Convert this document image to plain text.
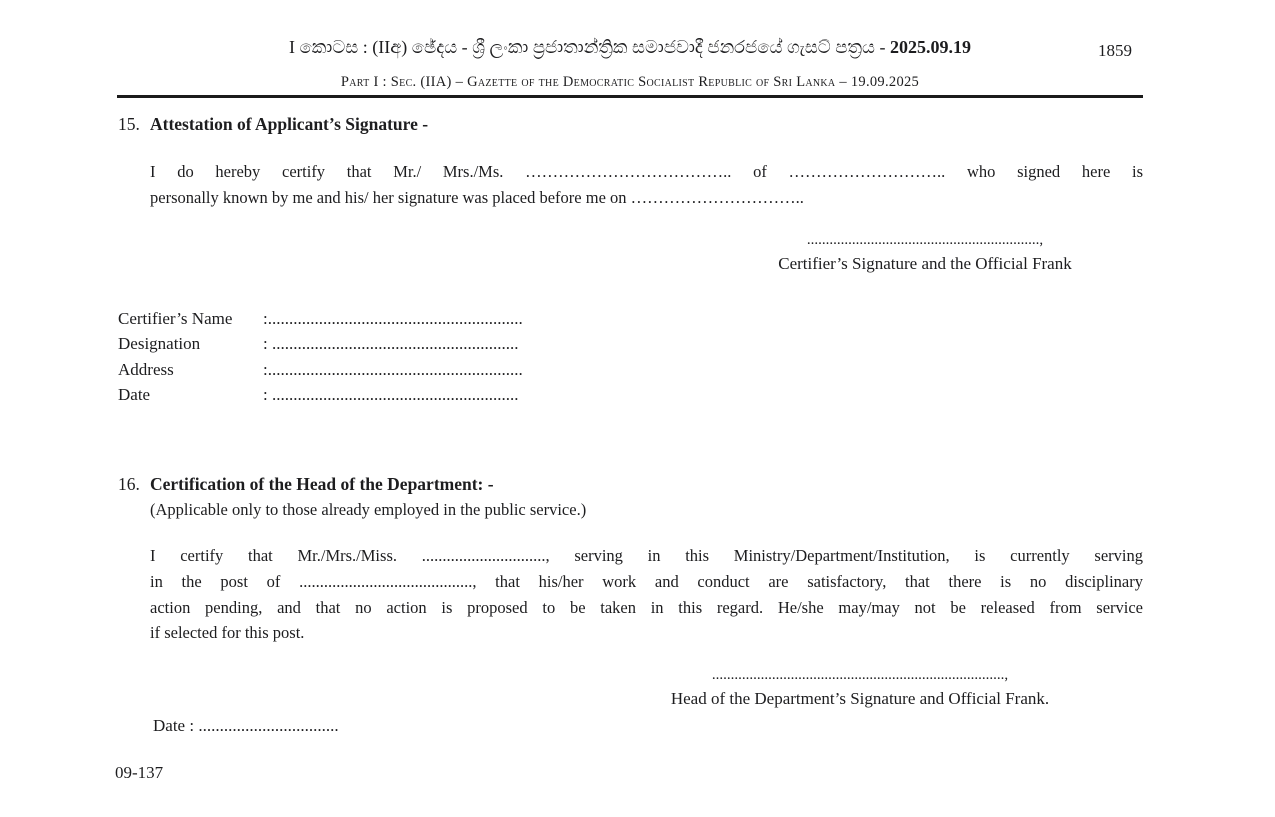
I කොටස : (IIඅ) ඡේදය - ශ්‍රී ලංකා ප්‍රජාතාන්ත්‍රික සමාජවාදී ජනරජයේ ගැසට් පත්‍රය - 2025.09.19	1859
Part I : Sec. (IIA) – Gazette of the Democratic Socialist Republic of Sri Lanka – 19.09.2025
15. Attestation of Applicant’s Signature -
I do hereby certify that Mr./ Mrs./Ms. ……………………………….. of ……………………….. who signed here is
personally known by me and his/ her signature was placed before me on …………………………..
..............................................................,
Certifier’s Signature and the Official Frank
Certifier’s Name :............................................................
Designation	: ..........................................................
Address	:............................................................
Date	: ..........................................................
16. Certification of the Head of the Department: -
(Applicable only to those already employed in the public service.)
I certify that Mr./Mrs./Miss. .............................., serving in this Ministry/Department/Institution, is currently serving
in the post of .........................................., that his/her work and conduct are satisfactory, that there is no disciplinary
action pending, and that no action is proposed to be taken in this regard. He/she may/may not be released from service
if selected for this post.
..............................................................................,
Head of the Department’s Signature and Official Frank.
Date : .................................
09-137
